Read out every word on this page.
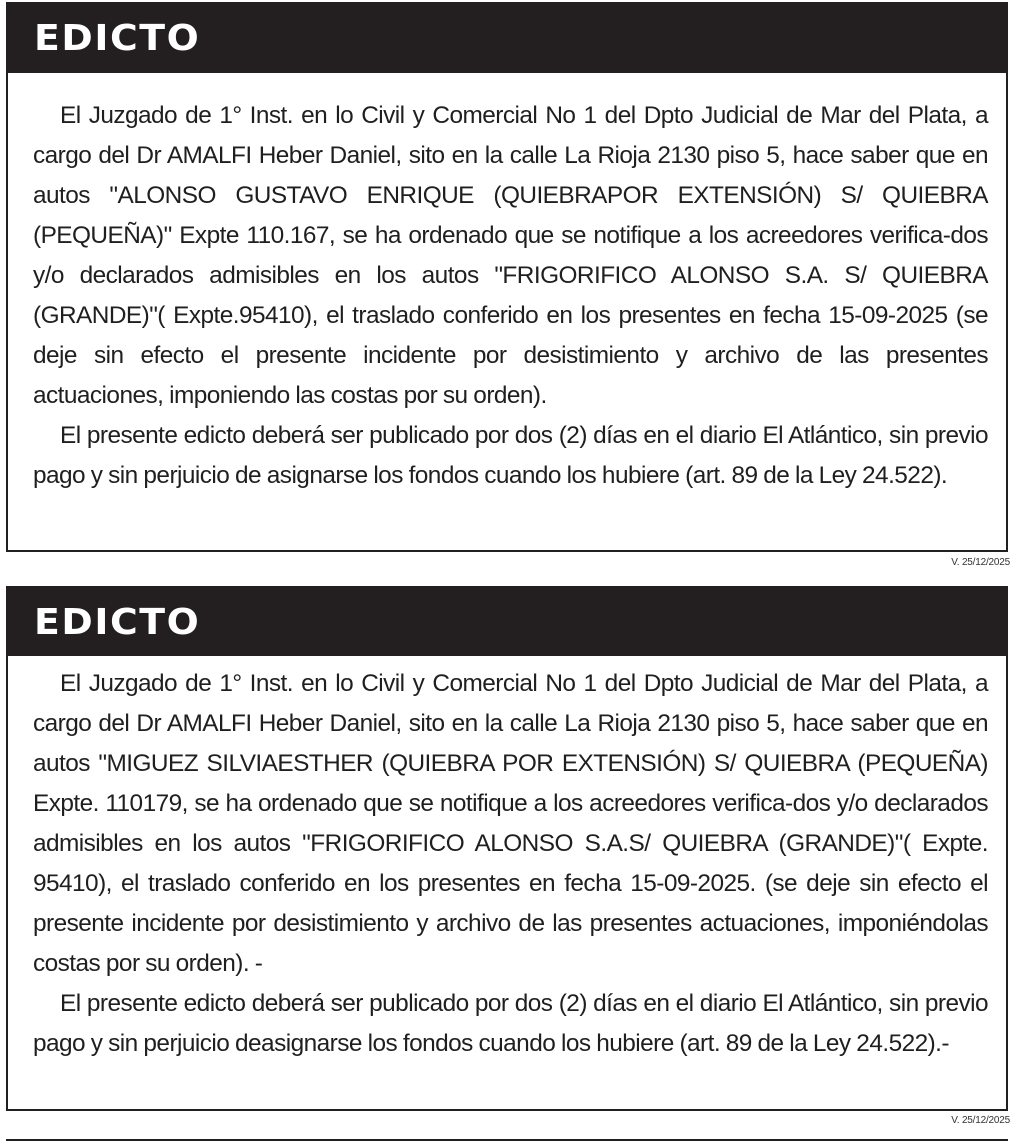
EDICTO

El Juzgado de 1° Inst. en lo Civil y Comercial No 1 del Dpto Judicial de Mar del Plata, a cargo del Dr AMALFI Heber Daniel, sito en la calle La Rioja 2130 piso 5, hace saber que en autos "ALONSO GUSTAVO ENRIQUE (QUIEBRAPOR EXTENSIÓN) S/ QUIEBRA (PEQUEÑA)" Expte 110.167, se ha ordenado que se notifique a los acreedores verifica-dos y/o declarados admisibles en los autos "FRIGORIFICO ALONSO S.A. S/ QUIEBRA (GRANDE)"( Expte.95410), el traslado conferido en los presentes en fecha 15-09-2025 (se deje sin efecto el presente incidente por desistimiento y archivo de las presentes actuaciones, imponiendo las costas por su orden).

El presente edicto deberá ser publicado por dos (2) días en el diario El Atlántico, sin previo pago y sin perjuicio de asignarse los fondos cuando los hubiere (art. 89 de la Ley 24.522).

V. 25/12/2025
EDICTO

El Juzgado de 1° Inst. en lo Civil y Comercial No 1 del Dpto Judicial de Mar del Plata, a cargo del Dr AMALFI Heber Daniel, sito en la calle La Rioja 2130 piso 5, hace saber que en autos "MIGUEZ SILVIAESTHER (QUIEBRA POR EXTENSIÓN) S/ QUIEBRA (PEQUEÑA) Expte. 110179, se ha ordenado que se notifique a los acreedores verifica-dos y/o declarados admisibles en los autos "FRIGORIFICO ALONSO S.A.S/ QUIEBRA (GRANDE)"( Expte. 95410), el traslado conferido en los presentes en fecha 15-09-2025. (se deje sin efecto el presente incidente por desistimiento y archivo de las presentes actuaciones, imponiéndolas costas por su orden). -

El presente edicto deberá ser publicado por dos (2) días en el diario El Atlántico, sin previo pago y sin perjuicio deasignarse los fondos cuando los hubiere (art. 89 de la Ley 24.522).-

V. 25/12/2025
